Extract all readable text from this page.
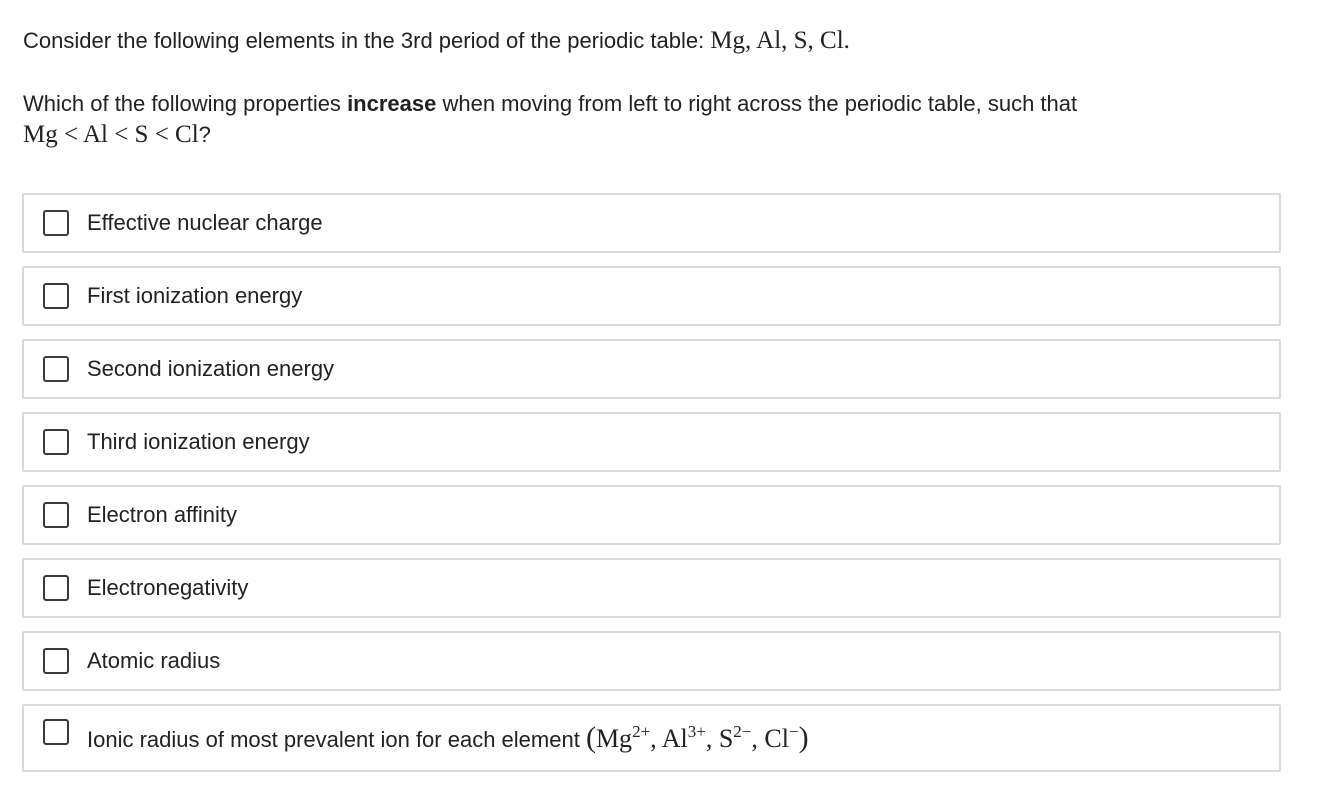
Consider the following elements in the 3rd period of the periodic table: Mg, Al, S, Cl.

Which of the following properties increase when moving from left to right across the periodic table, such that

Mg < Al < S < Cl?

Effective nuclear charge
First ionization energy
Second ionization energy
Third ionization energy
Electron affinity
Electronegativity
Atomic radius
Ionic radius of most prevalent ion for each element ($Mg^{2+}$, $Al^{3+}$, $S^{2-}$, Cl−)
